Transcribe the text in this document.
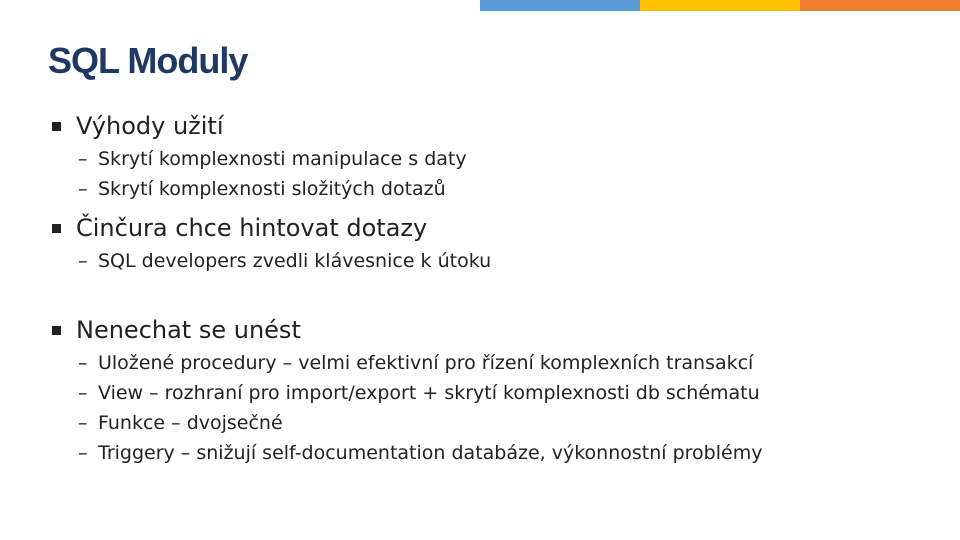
SQL Moduly
Výhody užití
– Skrytí komplexnosti manipulace s daty
– Skrytí komplexnosti složitých dotazů
Činčura chce hintovat dotazy
– SQL developers zvedli klávesnice k útoku
Nenechat se unést
– Uložené procedury – velmi efektivní pro řízení komplexních transakcí
– View – rozhraní pro import/export + skrytí komplexnosti db schématu
– Funkce – dvojsečné
– Triggery – snižují self-documentation databáze, výkonnostní problémy
